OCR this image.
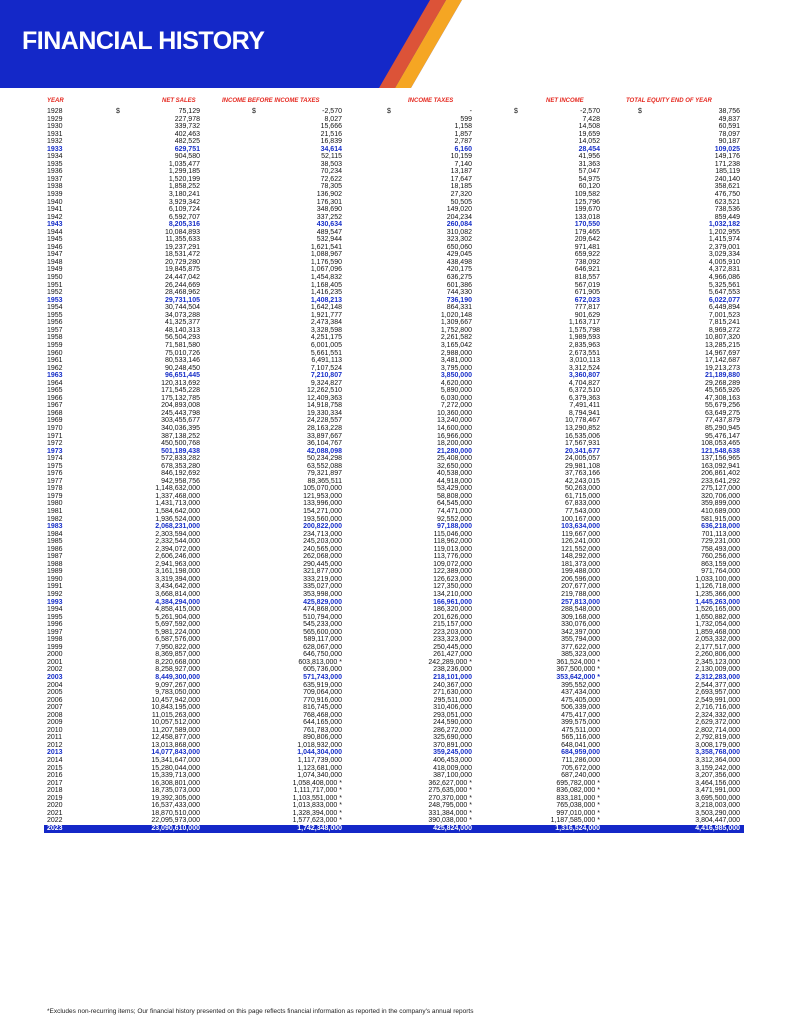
FINANCIAL HISTORY
YEAR	NET SALES	INCOME BEFORE INCOME TAXES	INCOME TAXES	NET INCOME	TOTAL EQUITY END OF YEAR
1928	75,129	-2,570	-	-2,570	38,756
$	$	$	$	$
1929	227,978	8,027	599	7,428	49,837
1930	339,732	15,666	1,158	14,508	60,591
1931	402,463	21,516	1,857	19,659	78,097
1932	482,525	16,839	2,787	14,052	90,187
1933	629,751	34,614	6,160	28,454	109,025
1934	904,580	52,115	10,159	41,956	149,176
1935	1,035,477	38,503	7,140	31,363	171,238
1936	1,299,185	70,234	13,187	57,047	185,119
1937	1,520,199	72,622	17,647	54,975	240,140
1938	1,858,252	78,305	18,185	60,120	358,621
1939	3,180,241	136,902	27,320	109,582	476,750
1940	3,929,342	176,301	50,505	125,796	623,521
1941	6,109,724	348,690	149,020	199,670	738,536
1942	6,592,707	337,252	204,234	133,018	859,449
1943	8,205,316	430,634	260,084	170,550	1,032,182
1944	10,084,893	489,547	310,082	179,465	1,202,955
1945	11,355,633	532,944	323,302	209,642	1,415,974
1946	19,237,291	1,621,541	650,060	971,481	2,379,001
1947	18,531,472	1,088,967	429,045	659,922	3,029,334
1948	20,729,280	1,176,590	438,498	738,092	4,005,910
1949	19,845,875	1,067,096	420,175	646,921	4,372,831
1950	24,447,042	1,454,832	636,275	818,557	4,966,086
1951	26,244,669	1,168,405	601,386	567,019	5,325,561
1952	28,468,962	1,416,235	744,330	671,905	5,647,553
1953	29,731,105	1,408,213	736,190	672,023	6,022,077
1954	30,744,504	1,642,148	864,331	777,817	6,449,894
1955	34,073,288	1,921,777	1,020,148	901,629	7,001,523
1956	41,325,377	2,473,384	1,309,667	1,163,717	7,815,241
1957	48,140,313	3,328,598	1,752,800	1,575,798	8,969,272
1958	56,504,293	4,251,175	2,261,582	1,989,593	10,807,320
1959	71,581,580	6,001,005	3,165,042	2,835,963	13,285,215
1960	75,010,726	5,661,551	2,988,000	2,673,551	14,967,697
1961	80,533,146	6,491,113	3,481,000	3,010,113	17,142,687
1962	90,248,450	7,107,524	3,795,000	3,312,524	19,213,273
1963	96,651,445	7,210,807	3,850,000	3,360,807	21,189,880
1964	120,313,692	9,324,827	4,620,000	4,704,827	29,268,289
1965	171,545,228	12,262,510	5,890,000	6,372,510	45,565,926
1966	175,132,785	12,409,363	6,030,000	6,379,363	47,308,163
1967	204,893,008	14,918,758	7,272,000	7,491,411	55,679,256
1968	245,443,798	19,330,334	10,360,000	8,794,941	63,649,275
1969	303,455,677	24,228,557	13,240,000	10,778,467	77,437,879
1970	340,036,395	28,163,228	14,600,000	13,290,852	85,290,945
1971	387,138,252	33,897,667	16,966,000	16,535,006	95,476,147
1972	450,500,768	36,104,767	18,200,000	17,567,931	108,053,465
1973	501,189,438	42,088,098	21,280,000	20,341,677	121,548,638
1974	572,833,282	50,234,298	25,408,000	24,005,057	137,156,965
1975	678,353,280	63,552,088	32,650,000	29,981,108	163,092,941
1976	846,192,692	79,321,897	40,538,000	37,763,166	206,861,402
1977	942,958,756	88,365,511	44,918,000	42,243,015	233,641,292
1978	1,148,632,000	105,070,000	53,429,000	50,263,000	275,127,000
1979	1,337,468,000	121,953,000	58,808,000	61,715,000	320,706,000
1980	1,431,713,000	133,996,000	64,545,000	67,833,000	359,899,000
1981	1,584,642,000	154,271,000	74,471,000	77,543,000	410,689,000
1982	1,936,524,000	193,560,000	92,552,000	100,167,000	581,915,000
1983	2,068,231,000	200,822,000	97,188,000	103,634,000	636,218,000
1984	2,303,594,000	234,713,000	115,046,000	119,667,000	701,113,000
1985	2,332,544,000	245,203,000	118,962,000	126,241,000	729,231,000
1986	2,394,072,000	240,565,000	119,013,000	121,552,000	758,493,000
1987	2,606,246,000	262,068,000	113,776,000	148,292,000	760,256,000
1988	2,941,963,000	290,445,000	109,072,000	181,373,000	863,159,000
1989	3,161,198,000	321,877,000	122,389,000	199,488,000	971,764,000
1990	3,319,394,000	333,219,000	126,623,000	206,596,000	1,033,100,000
1991	3,434,642,000	335,027,000	127,350,000	207,677,000	1,126,718,000
1992	3,668,814,000	353,998,000	134,210,000	219,788,000	1,235,366,000
1993	4,384,294,000	425,829,000	166,961,000	257,813,000	1,445,263,000
1994	4,858,415,000	474,868,000	186,320,000	288,548,000	1,526,165,000
1995	5,261,904,000	510,794,000	201,626,000	309,168,000	1,650,882,000
1996	5,697,592,000	545,233,000	215,157,000	330,076,000	1,732,054,000
1997	5,981,224,000	565,600,000	223,203,000	342,397,000	1,859,468,000
1998	6,587,576,000	589,117,000	233,323,000	355,794,000	2,053,332,000
1999	7,950,822,000	628,067,000	250,445,000	377,622,000	2,177,517,000
2000	8,369,857,000	646,750,000	261,427,000	385,323,000	2,260,806,000
2001	8,220,668,000	603,813,000 *	242,289,000 *	361,524,000 *	2,345,123,000
2002	8,258,927,000	605,736,000	238,236,000	367,500,000 *	2,130,009,000
2003	8,449,300,000	571,743,000	218,101,000	353,642,000 *	2,312,283,000
2004	9,097,267,000	635,919,000	240,367,000	395,552,000	2,544,377,000
2005	9,783,050,000	709,064,000	271,630,000	437,434,000	2,693,957,000
2006	10,457,942,000	770,916,000	295,511,000	475,405,000	2,549,991,000
2007	10,843,195,000	816,745,000	310,406,000	506,339,000	2,716,716,000
2008	11,015,263,000	768,468,000	293,051,000	475,417,000	2,324,332,000
2009	10,057,512,000	644,165,000	244,590,000	399,575,000	2,629,372,000
2010	11,207,589,000	761,783,000	286,272,000	475,511,000	2,802,714,000
2011	12,458,877,000	890,806,000	325,690,000	565,116,000	2,792,819,000
2012	13,013,868,000	1,018,932,000	370,891,000	648,041,000	3,008,179,000
2013	14,077,843,000	1,044,304,000	359,245,000	684,959,000	3,358,768,000
2014	15,341,647,000	1,117,739,000	406,453,000	711,286,000	3,312,364,000
2015	15,280,044,000	1,123,681,000	418,009,000	705,672,000	3,159,242,000
2016	15,339,713,000	1,074,340,000	387,100,000	687,240,000	3,207,356,000
2017	16,308,801,000	1,058,408,000 *	362,627,000 *	695,782,000 *	3,464,156,000
2018	18,735,073,000	1,111,717,000 *	275,635,000 *	836,082,000 *	3,471,991,000
2019	19,392,305,000	1,103,551,000 *	270,370,000 *	833,181,000 *	3,695,500,000
2020	16,537,433,000	1,013,833,000 *	248,795,000 *	765,038,000 *	3,218,003,000
2021	18,870,510,000	1,328,394,000 *	331,384,000 *	997,010,000 *	3,503,290,000
2022	22,095,973,000	1,577,623,000 *	390,038,000 *	1,187,585,000 *	3,804,447,000
2023	23,090,610,000	1,742,348,000	425,824,000	1,316,524,000	4,416,985,000
*Excludes non-recurring items; Our financial history presented on this page reflects financial information as reported in the company's annual reports
